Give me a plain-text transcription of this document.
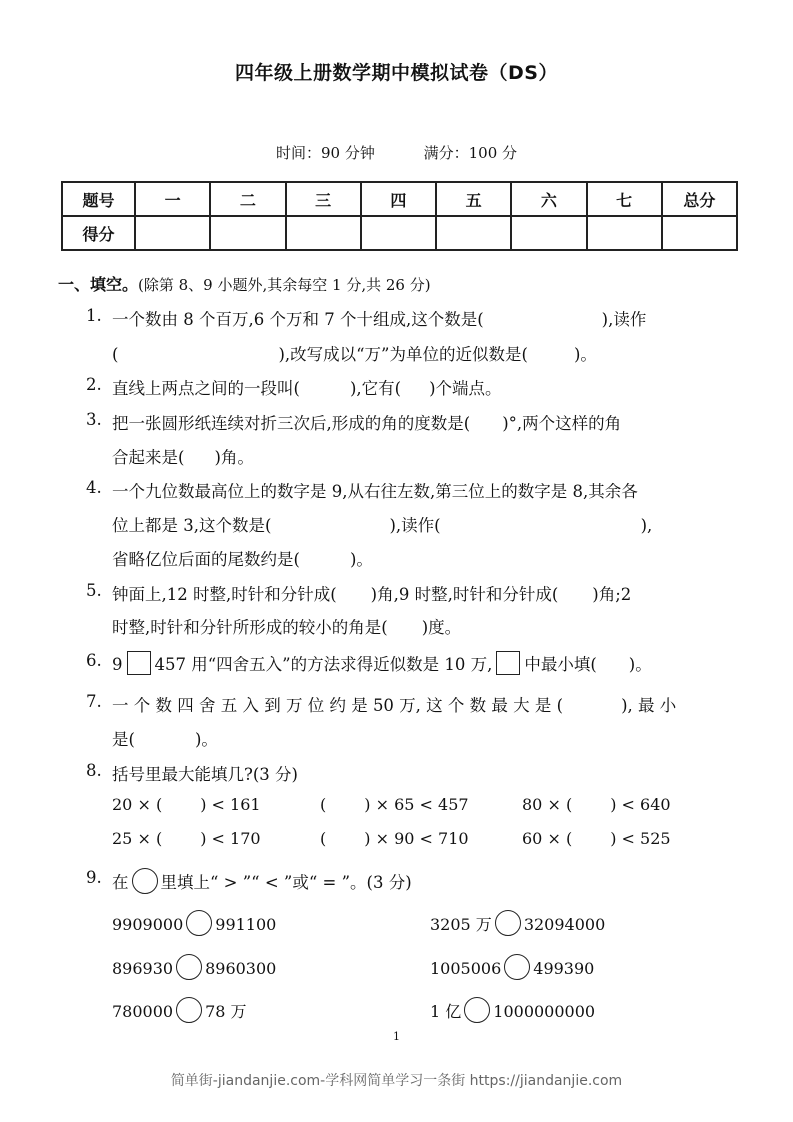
四年级上册数学期中模拟试卷（DS）
时间：90 分钟	满分：100 分
题号	一	二	三	四	五	六	七	总分
得分								
一、填空。(除第 8、9 小题外,其余每空 1 分,共 26 分)
1. 一个数由 8 个百万,6 个万和 7 个十组成,这个数是(	),读作
(	),改写成以“万”为单位的近似数是(	)。
2. 直线上两点之间的一段叫(	),它有( )个端点。
3. 把一张圆形纸连续对折三次后,形成的角的度数是( )°,两个这样的角
合起来是( )角。
4. 一个九位数最高位上的数字是 9,从右往左数,第三位上的数字是 8,其余各
位上都是 3,这个数是(	),读作(	),
省略亿位后面的尾数约是(	)。
5. 钟面上,12 时整,时针和分针成( )角,9 时整,时针和分针成( )角;2
时整,时针和分针所形成的较小的角是( )度。
6. 9 457 用“四舍五入”的方法求得近似数是 10 万, 中最小填( )。
7. 一 个 数 四 舍 五 入 到 万 位 约 是 50 万, 这 个 数 最 大 是 (	), 最 小
是(	)。
8. 括号里最大能填几?(3 分)
20 × ( ) < 161	( ) × 65 < 457	80 × ( ) < 640
25 × ( ) < 170	( ) × 90 < 710	60 × ( ) < 525
9. 在 里填上“ > ”“ < ”或“ = ”。(3 分)
9909000 991100	3205 万 32094000
896930 8960300	1005006 499390
780000 78 万	1 亿 1000000000
1
简单街-jiandanjie.com-学科网简单学习一条街 https://jiandanjie.com
